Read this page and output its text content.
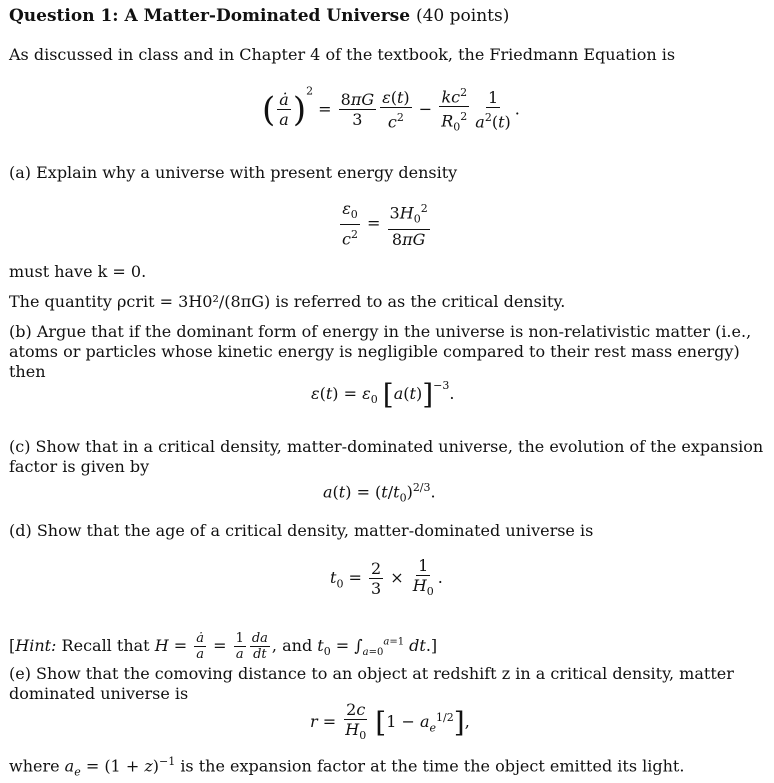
Question 1: A Matter-Dominated Universe (40 points)
As discussed in class and in Chapter 4 of the textbook, the Friedmann Equation is
( $\frac{ȧ}{a} )^2 = \frac{8\pi G}{3} \frac{\varepsilon(t)}{c^2} - \frac{kc^2}{R_0^2} \frac{1}{a^2(t)}$ .
(a) Explain why a universe with present energy density
$\frac{\varepsilon_0}{c^2} = \frac{3H_0^2}{8\pi G}$
must have k = 0.
The quantity ρcrit = 3H0²/(8πG) is referred to as the critical density.
(b) Argue that if the dominant form of energy in the universe is non-relativistic matter (i.e., atoms or particles whose kinetic energy is negligible compared to their rest mass energy) then
$\varepsilon(t) = \varepsilon_0$ $[a(t)]^{-3}$.
(c) Show that in a critical density, matter-dominated universe, the evolution of the expansion factor is given by
$a(t) = (t/t_0)^{2/3}$.
(d) Show that the age of a critical density, matter-dominated universe is
$t_0 = \frac{2}{3} \times \frac{1}{H_0}$ .
[Hint: Recall that $H = \frac{ȧ}{a} = \frac{1}{a} \frac{da}{dt}$ , and $t_0 = \int_{a=0}^{a=1}$ dt.]
(e) Show that the comoving distance to an object at redshift z in a critical density, matter dominated universe is
$r = \frac{2c}{H_0} [1 - a_e^{1/2}]$,
where $a_e = (1 + z)^{-1}$ is the expansion factor at the time the object emitted its light.
